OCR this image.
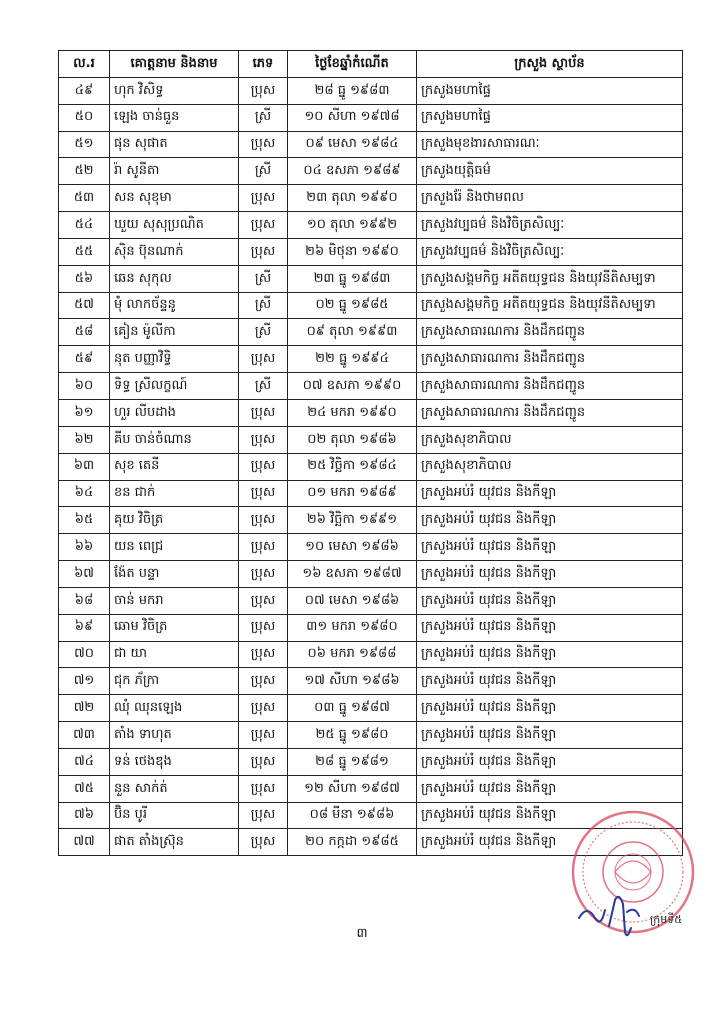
ល.រ	គោត្តនាម និងនាម	ភេទ	ថ្ងៃខែឆ្នាំកំណើត	ក្រសួង ស្ថាប័ន
៤៩	ហុក វិសិទ្ធ	ប្រុស	២៨ ធ្នូ ១៩៨៣	ក្រសួងមហាផ្ទៃ
៥០	ឡេង ចាន់ធួន	ស្រី	១០ សីហា ១៩៧៨	ក្រសួងមហាផ្ទៃ
៥១	ផុន សុផាត	ប្រុស	០៩ មេសា ១៩៨៤	ក្រសួងមុខងារសាធារណៈ
៥២	រ៉ា សូនីតា	ស្រី	០៤ ឧសភា ១៩៨៩	ក្រសួងយុត្តិធម៌
៥៣	សន សុខុមា	ប្រុស	២៣ តុលា ១៩៩០	ក្រសួងរ៉ែ និងថាមពល
៥៤	ឃួយ សុសុប្រណិត	ប្រុស	១០ តុលា ១៩៩២	ក្រសួងវប្បធម៌ និងវិចិត្រសិល្បៈ
៥៥	ស៊ិន ប៊ុនណាក់	ប្រុស	២៦ មិថុនា ១៩៩០	ក្រសួងវប្បធម៌ និងវិចិត្រសិល្បៈ
៥៦	ឆេន សុកុល	ស្រី	២៣ ធ្នូ ១៩៨៣	ក្រសួងសង្គមកិច្ច អតីតយុទ្ធជន និងយុវនីតិសម្បទា
៥៧	ម៉ុំ លាកច័ន្ទនូ	ស្រី	០២ ធ្នូ ១៩៨៥	ក្រសួងសង្គមកិច្ច អតីតយុទ្ធជន និងយុវនីតិសម្បទា
៥៨	គៀន ម៉ូលីកា	ស្រី	០៩ តុលា ១៩៩៣	ក្រសួងសាធារណការ និងដឹកជញ្ជូន
៥៩	នុត បញ្ញាវិទ្ធិ	ប្រុស	២២ ធ្នូ ១៩៩៤	ក្រសួងសាធារណការ និងដឹកជញ្ជូន
៦០	ទិទ្ធ ស្រីលក្ខណ៍	ស្រី	០៧ ឧសភា ១៩៩០	ក្រសួងសាធារណការ និងដឹកជញ្ជូន
៦១	ហួរ លីបដាង	ប្រុស	២៤ មករា ១៩៩០	ក្រសួងសាធារណការ និងដឹកជញ្ជូន
៦២	គីប ចាន់ចំណាន	ប្រុស	០២ តុលា ១៩៨៦	ក្រសួងសុខាភិបាល
៦៣	សុខ តេនី	ប្រុស	២៥ វិច្ឆិកា ១៩៨៤	ក្រសួងសុខាភិបាល
៦៤	ខន ជាក់	ប្រុស	០១ មករា ១៩៨៩	ក្រសួងអប់រំ យុវជន និងកីឡា
៦៥	គុយ វិចិត្រ	ប្រុស	២៦ វិច្ឆិកា ១៩៩១	ក្រសួងអប់រំ យុវជន និងកីឡា
៦៦	យន ពេជ្រ	ប្រុស	១០ មេសា ១៩៨៦	ក្រសួងអប់រំ យុវជន និងកីឡា
៦៧	ង៉ែត បន្ទា	ប្រុស	១៦ ឧសភា ១៩៨៧	ក្រសួងអប់រំ យុវជន និងកីឡា
៦៨	ចាន់ មករា	ប្រុស	០៧ មេសា ១៩៨៦	ក្រសួងអប់រំ យុវជន និងកីឡា
៦៩	ឆោម វិចិត្រ	ប្រុស	៣១ មករា ១៩៨០	ក្រសួងអប់រំ យុវជន និងកីឡា
៧០	ជា យា	ប្រុស	០៦ មករា ១៩៨៨	ក្រសួងអប់រំ យុវជន និងកីឡា
៧១	ជុក ភ័ក្រា	ប្រុស	១៧ សីហា ១៩៨៦	ក្រសួងអប់រំ យុវជន និងកីឡា
៧២	ឈុំ ឈុនឡេង	ប្រុស	០៣ ធ្នូ ១៩៨៧	ក្រសួងអប់រំ យុវជន និងកីឡា
៧៣	តាំង ទាហុត	ប្រុស	២៥ ធ្នូ ១៩៨០	ក្រសួងអប់រំ យុវជន និងកីឡា
៧៤	ទន់ ថេងឌុង	ប្រុស	២៨ ធ្នូ ១៩៨១	ក្រសួងអប់រំ យុវជន និងកីឡា
៧៥	នួន សាក់ត់	ប្រុស	១២ សីហា ១៩៨៧	ក្រសួងអប់រំ យុវជន និងកីឡា
៧៦	ប៊ិន បូរី	ប្រុស	០៨ មីនា ១៩៨៦	ក្រសួងអប់រំ យុវជន និងកីឡា
៧៧	ផាត តាំងស៊្រុន	ប្រុស	២០ កក្កដា ១៩៨៥	ក្រសួងអប់រំ យុវជន និងកីឡា
៣
ក្រុមទី៥
